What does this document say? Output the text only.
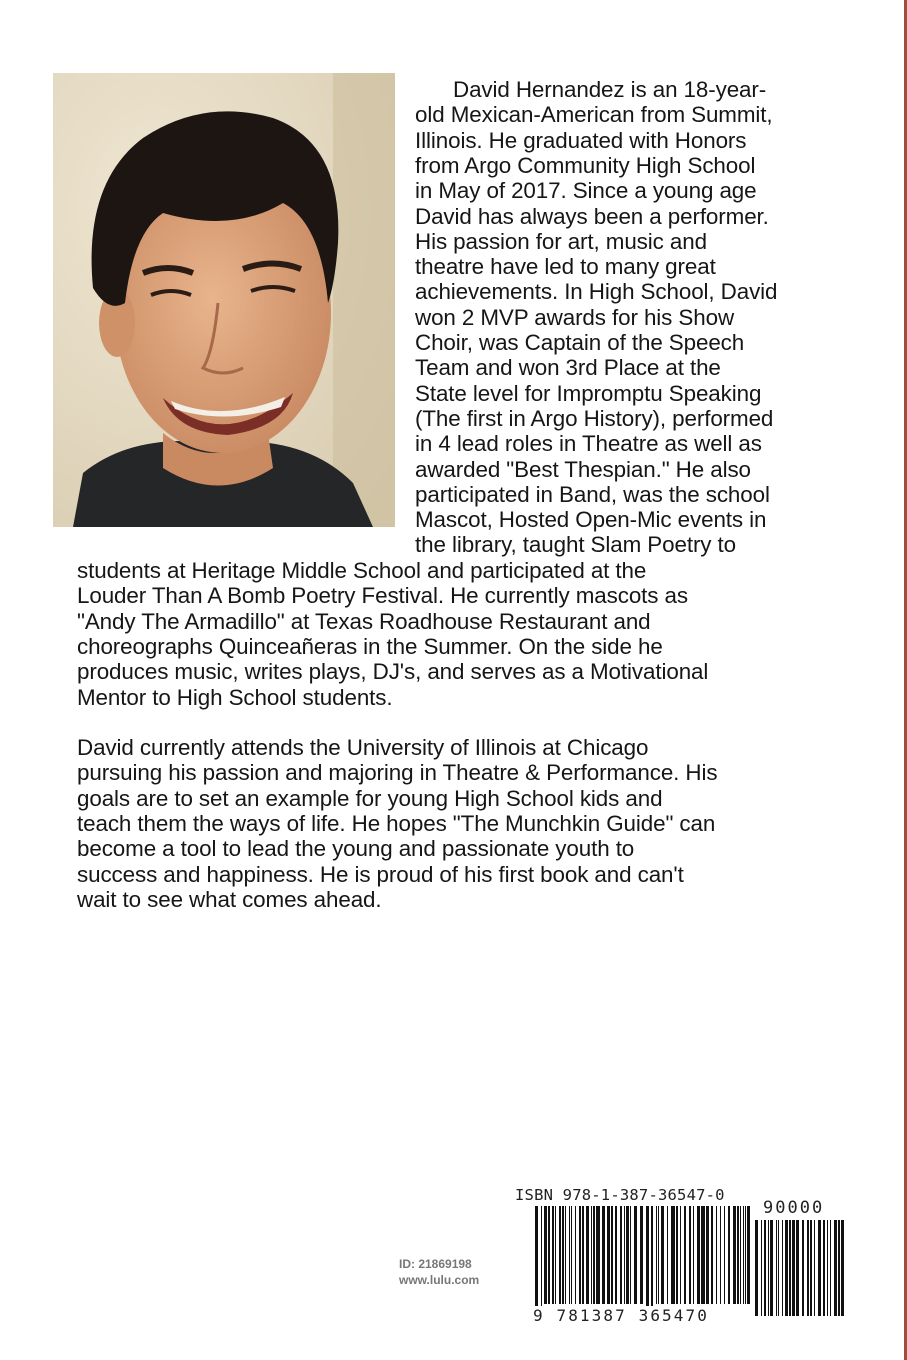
David Hernandez is an 18-year-
old Mexican-American from Summit,
Illinois. He graduated with Honors
from Argo Community High School
in May of 2017. Since a young age
David has always been a performer.
His passion for art, music and
theatre have led to many great
achievements. In High School, David
won 2 MVP awards for his Show
Choir, was Captain of the Speech
Team and won 3rd Place at the
State level for Impromptu Speaking
(The first in Argo History), performed
in 4 lead roles in Theatre as well as
awarded "Best Thespian." He also
participated in Band, was the school
Mascot, Hosted Open-Mic events in
the library, taught Slam Poetry to
students at Heritage Middle School and participated at the
Louder Than A Bomb Poetry Festival. He currently mascots as
"Andy The Armadillo" at Texas Roadhouse Restaurant and
choreographs Quinceañeras in the Summer. On the side he
produces music, writes plays, DJ's, and serves as a Motivational
Mentor to High School students.
David currently attends the University of Illinois at Chicago
pursuing his passion and majoring in Theatre & Performance. His
goals are to set an example for young High School kids and
teach them the ways of life. He hopes "The Munchkin Guide" can
become a tool to lead the young and passionate youth to
success and happiness. He is proud of his first book and can't
wait to see what comes ahead.
ID: 21869198
www.lulu.com
ISBN 978-1-387-36547-0
90000
9 781387 365470
